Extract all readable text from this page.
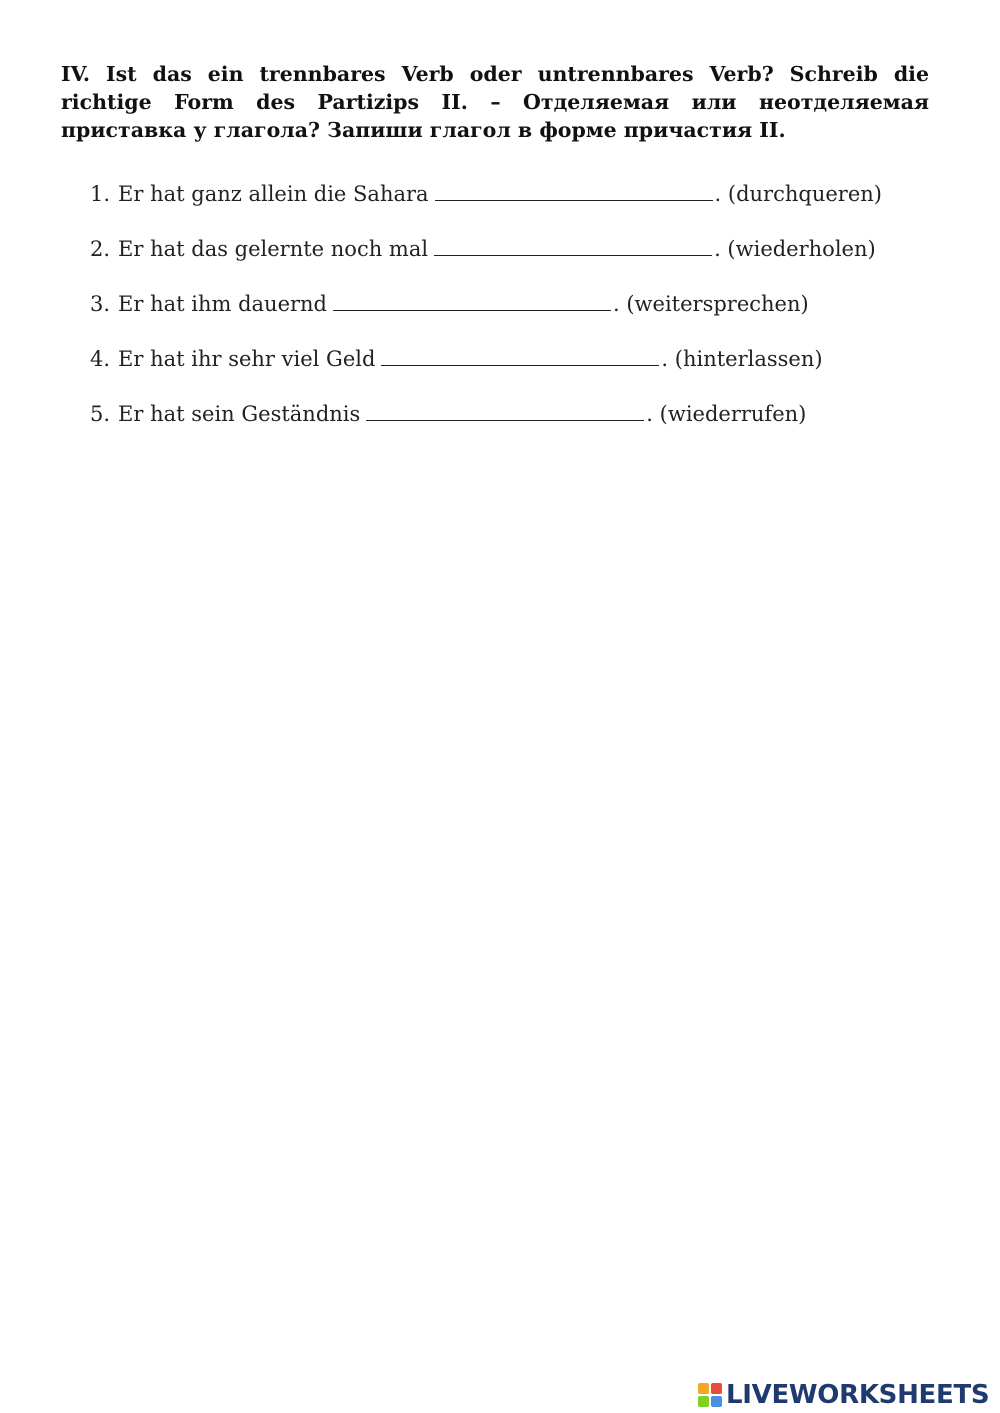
IV. Ist das ein trennbares Verb oder untrennbares Verb? Schreib die richtige Form des Partizips II. – Отделяемая или неотделяемая приставка у глагола? Запиши глагол в форме причастия II.

1. Er hat ganz allein die Sahara	. (durchqueren)
2. Er hat das gelernte noch mal	. (wiederholen)
3. Er hat ihm dauernd	. (weitersprechen)
4. Er hat ihr sehr viel Geld	. (hinterlassen)
5. Er hat sein Geständnis	. (wiederrufen)
LIVEWORKSHEETS
